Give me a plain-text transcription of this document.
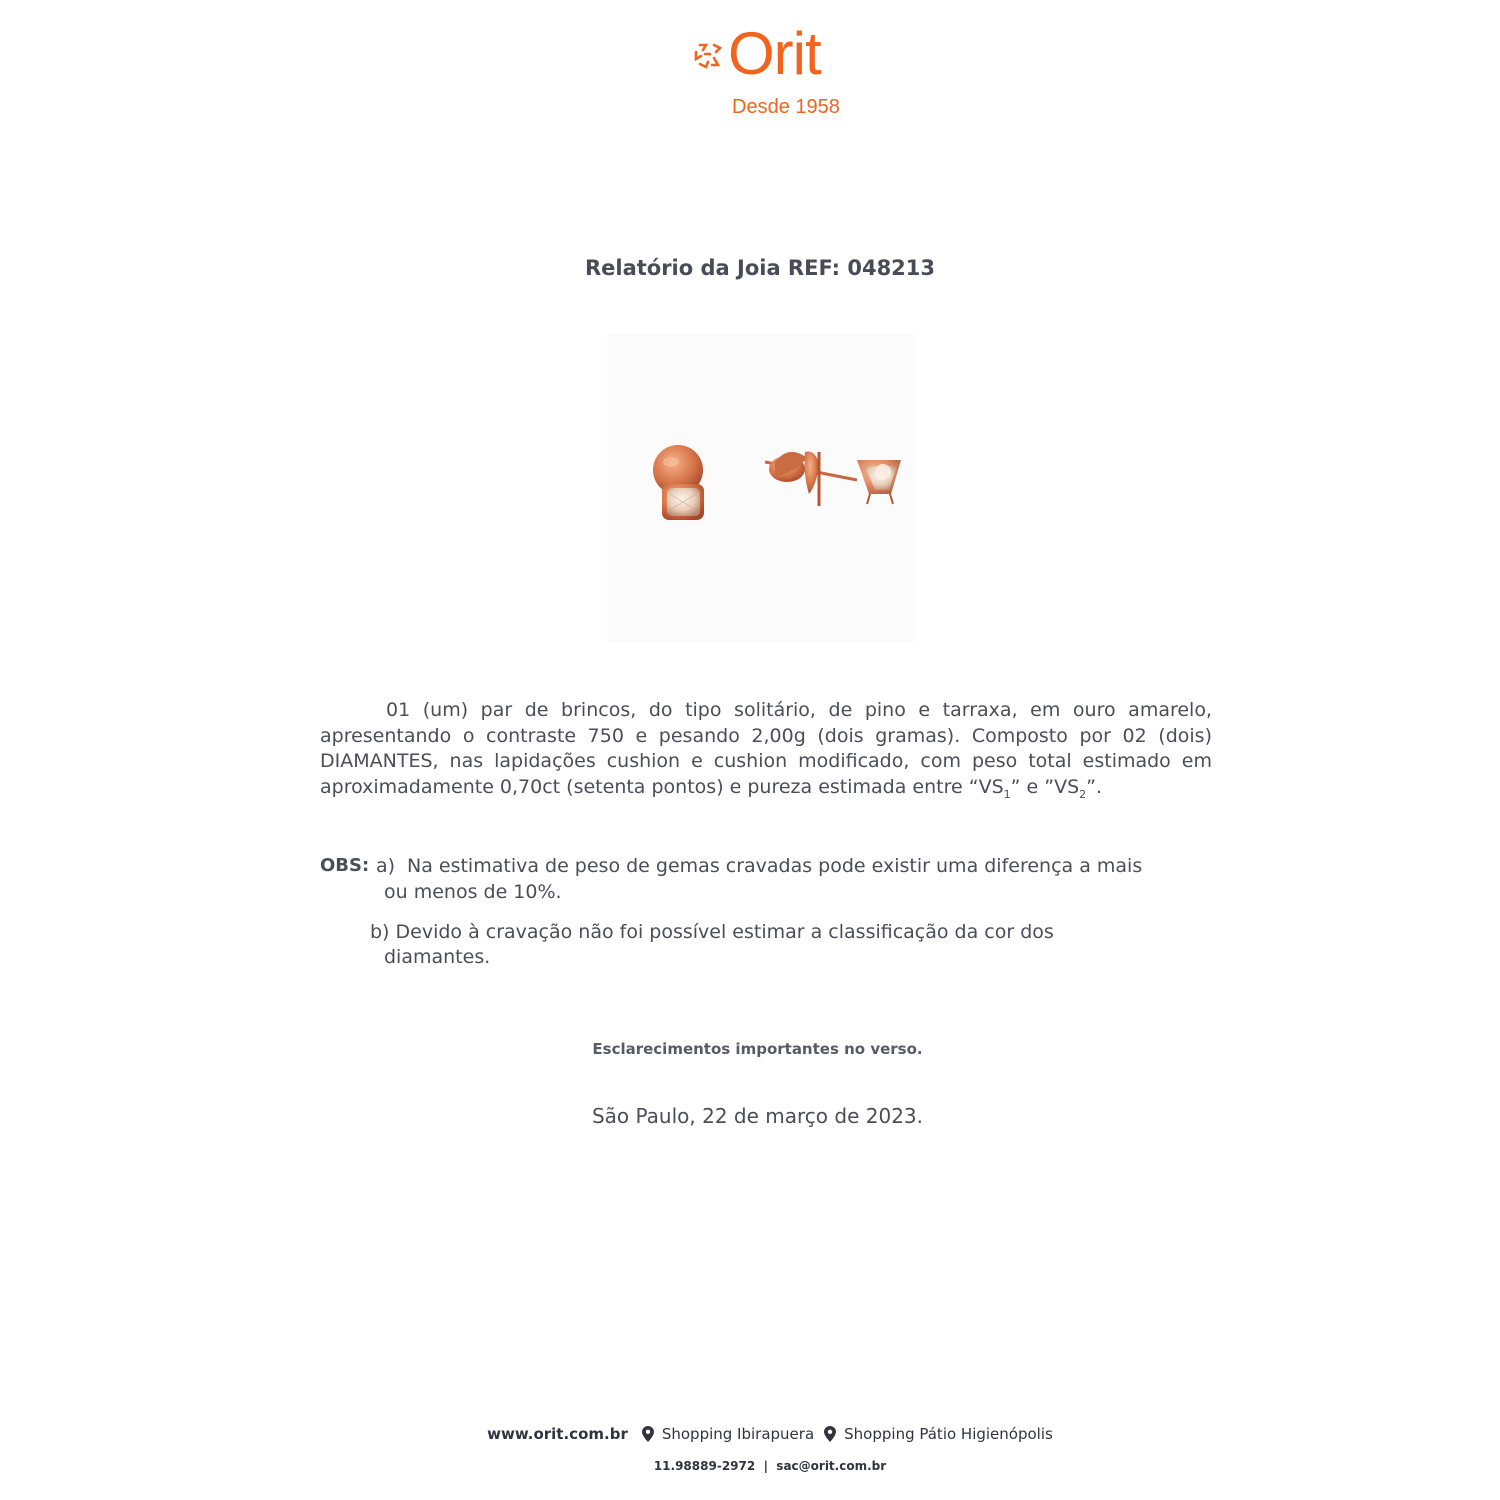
Orit
Desde 1958
Relatório da Joia REF: 048213
01 (um) par de brincos, do tipo solitário, de pino e tarraxa, em ouro amarelo, apresentando o contraste 750 e pesando 2,00g (dois gramas). Composto por 02 (dois) DIAMANTES, nas lapidações cushion e cushion modificado, com peso total estimado em aproximadamente 0,70ct (setenta pontos) e pureza estimada entre “$VS_1$” e $”VS_2$”.
OBS: a) Na estimativa de peso de gemas cravadas pode existir uma diferença a mais
ou menos de 10%.
b) Devido à cravação não foi possível estimar a classificação da cor dos
diamantes.
Esclarecimentos importantes no verso.
São Paulo, 22 de março de 2023.
www.orit.com.br Shopping Ibirapuera Shopping Pátio Higienópolis
11.98889-2972  |  sac@orit.com.br
